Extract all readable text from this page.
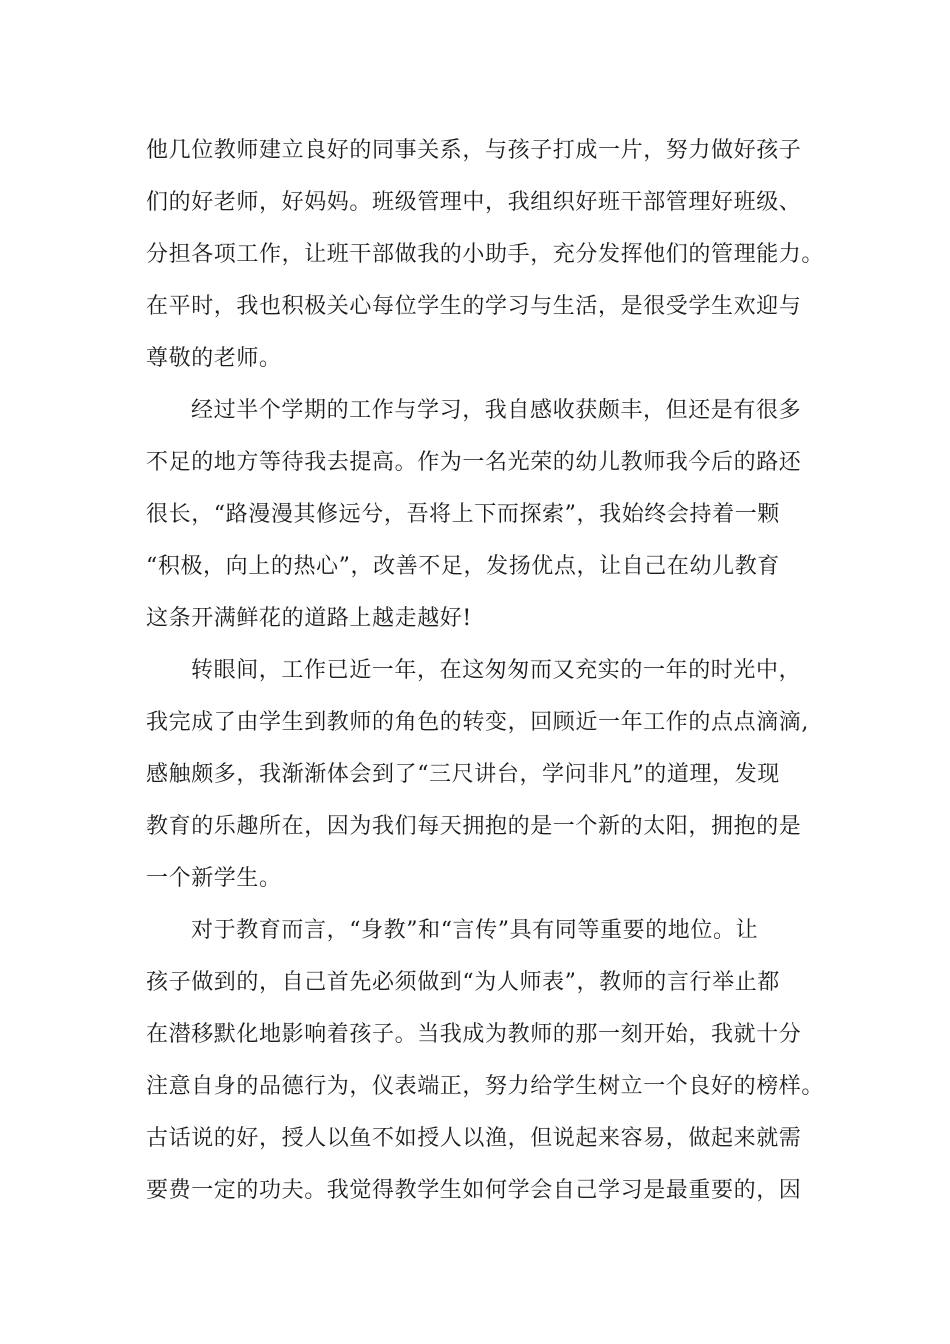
他几位教师建立良好的同事关系，与孩子打成一片，努力做好孩子
们的好老师，好妈妈。班级管理中，我组织好班干部管理好班级、
分担各项工作，让班干部做我的小助手，充分发挥他们的管理能力。
在平时，我也积极关心每位学生的学习与生活，是很受学生欢迎与
尊敬的老师。
经过半个学期的工作与学习，我自感收获颇丰，但还是有很多
不足的地方等待我去提高。作为一名光荣的幼儿教师我今后的路还
很长，“路漫漫其修远兮，吾将上下而探索”，我始终会持着一颗
“积极，向上的热心”，改善不足，发扬优点，让自己在幼儿教育
这条开满鲜花的道路上越走越好!
转眼间，工作已近一年，在这匆匆而又充实的一年的时光中，
我完成了由学生到教师的角色的转变，回顾近一年工作的点点滴滴,
感触颇多，我渐渐体会到了“三尺讲台，学问非凡”的道理，发现
教育的乐趣所在，因为我们每天拥抱的是一个新的太阳，拥抱的是
一个新学生。
对于教育而言，“身教”和“言传”具有同等重要的地位。让
孩子做到的，自己首先必须做到“为人师表”，教师的言行举止都
在潜移默化地影响着孩子。当我成为教师的那一刻开始，我就十分
注意自身的品德行为，仪表端正，努力给学生树立一个良好的榜样。
古话说的好，授人以鱼不如授人以渔，但说起来容易，做起来就需
要费一定的功夫。我觉得教学生如何学会自己学习是最重要的，因
